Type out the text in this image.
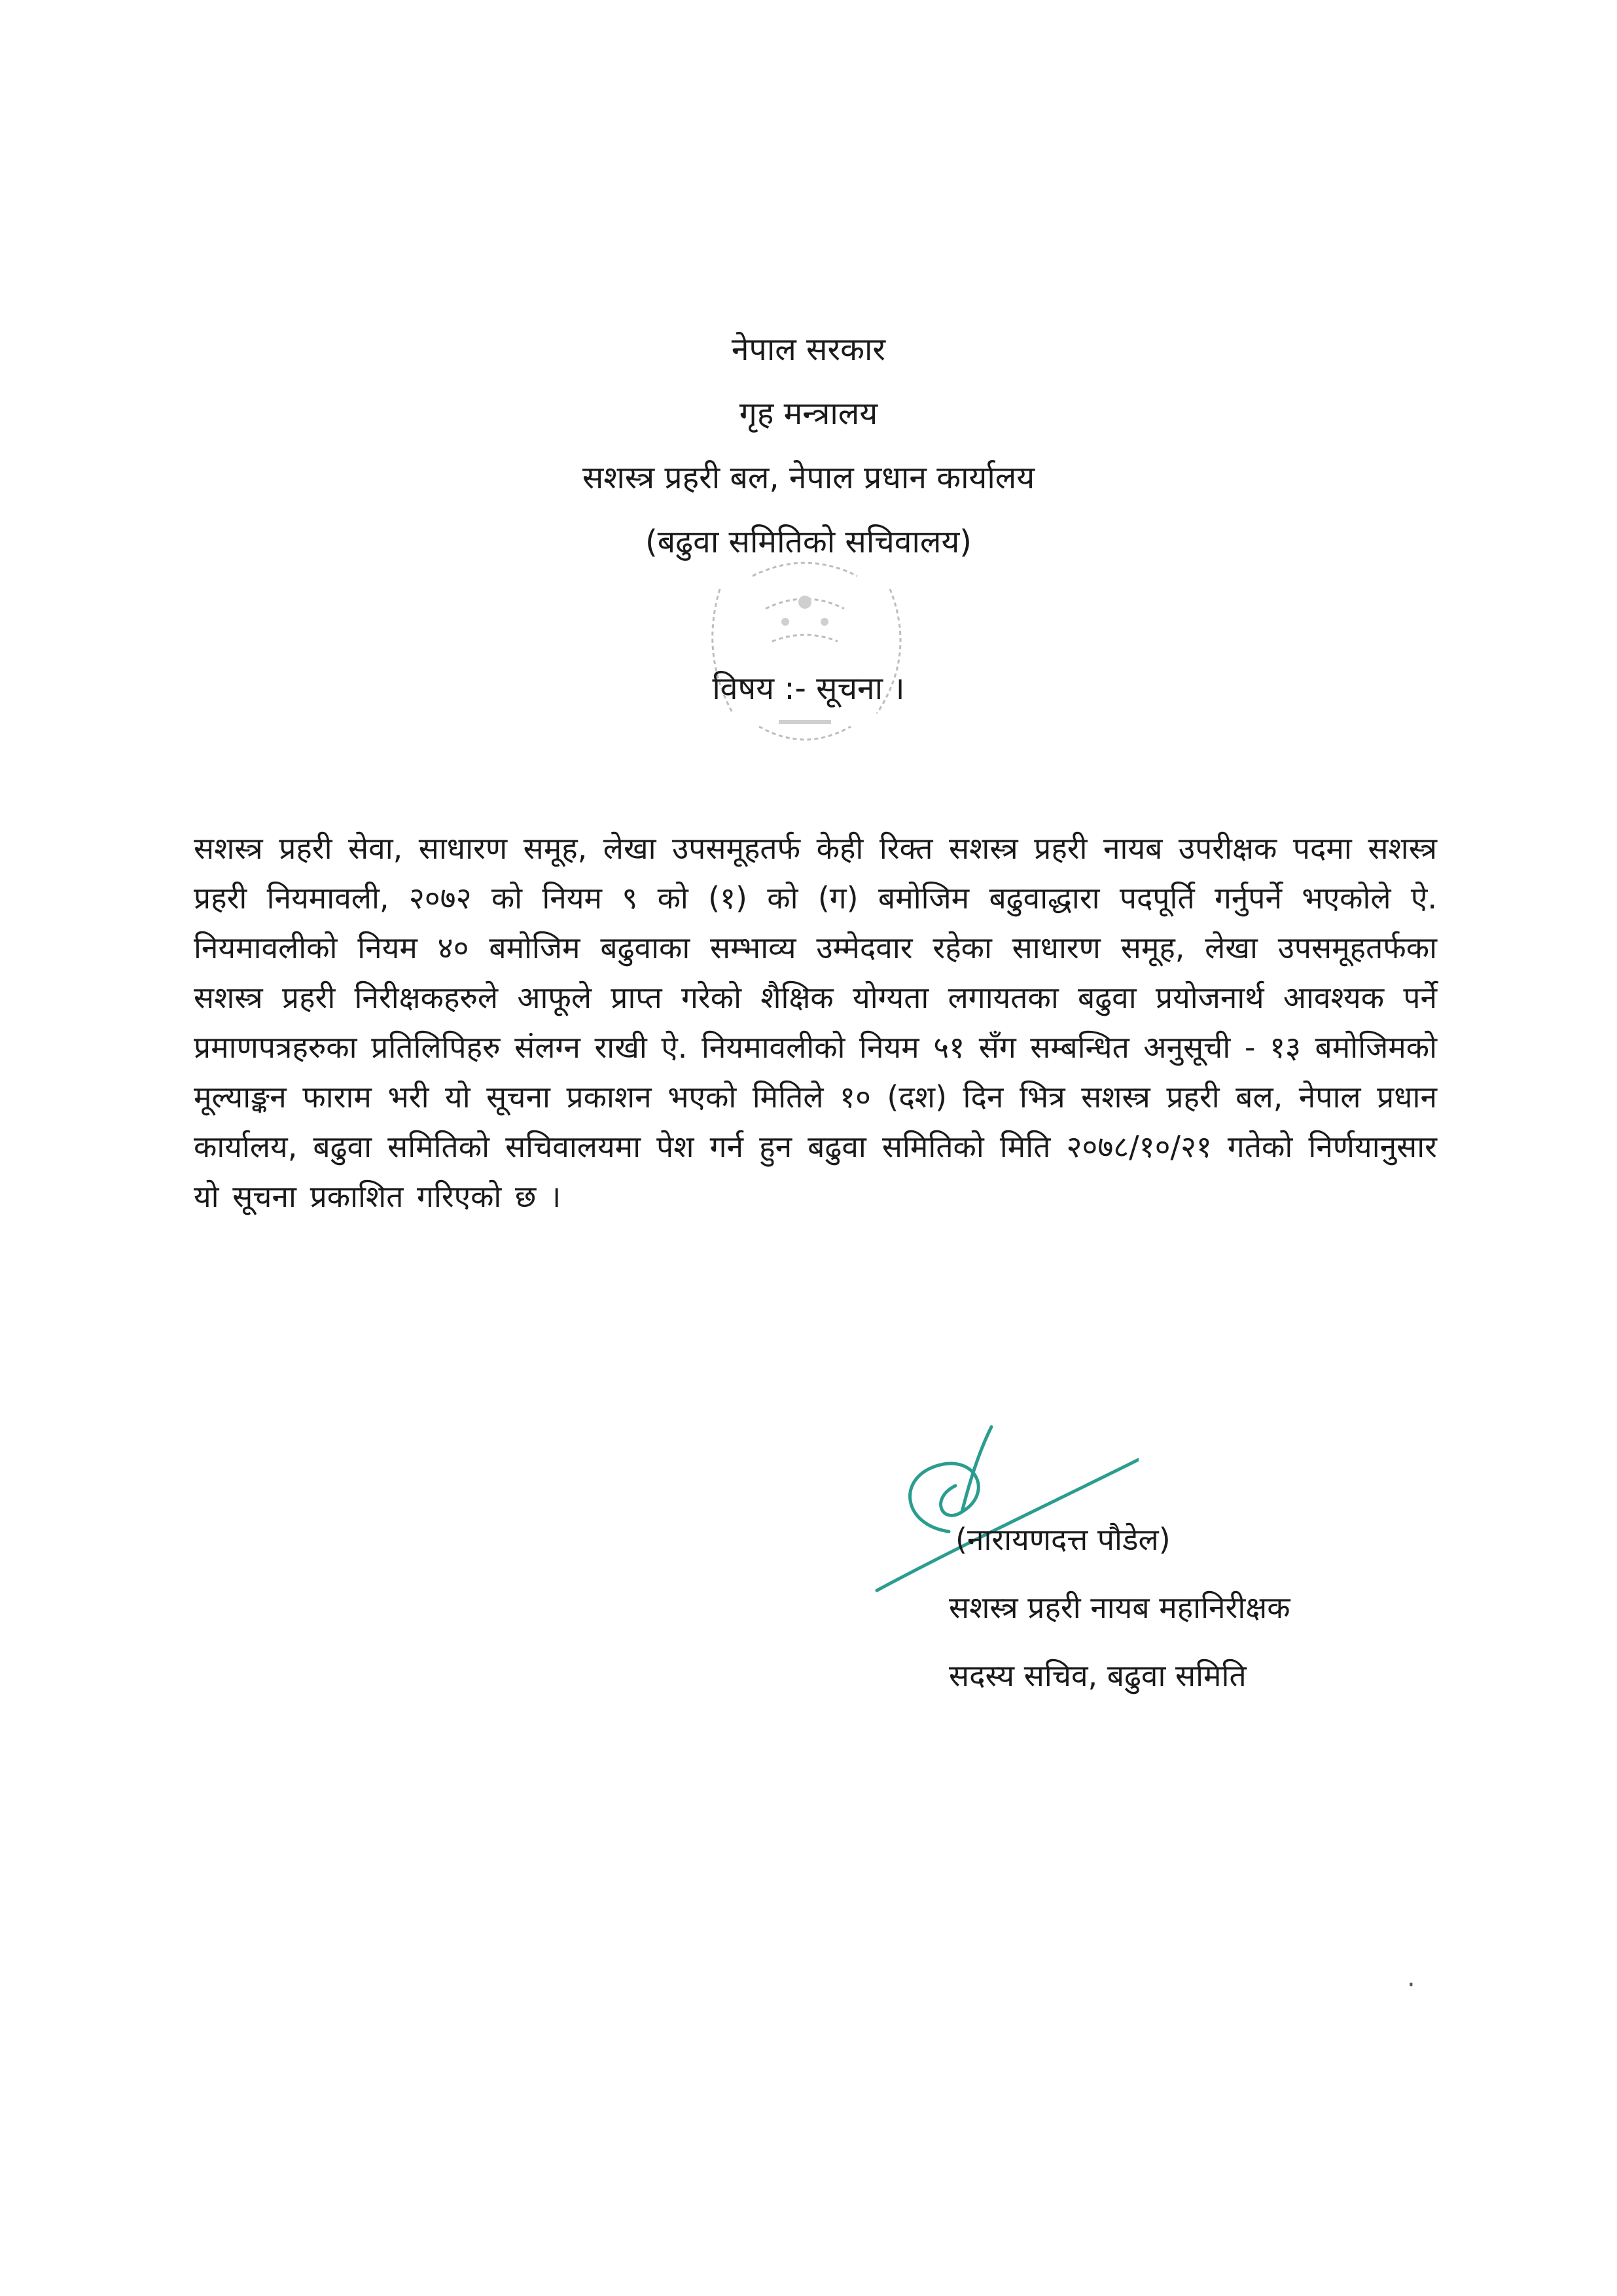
नेपाल सरकार
गृह मन्त्रालय
सशस्त्र प्रहरी बल, नेपाल प्रधान कार्यालय
(बढुवा समितिको सचिवालय)
विषय :- सूचना ।
सशस्त्र प्रहरी सेवा, साधारण समूह, लेखा उपसमूहतर्फ केही रिक्त सशस्त्र प्रहरी नायब उपरीक्षक पदमा सशस्त्र प्रहरी नियमावली, २०७२ को नियम ९ को (१) को (ग) बमोजिम बढुवाद्धारा पदपूर्ति गर्नुपर्ने भएकोले ऐ. नियमावलीको नियम ४० बमोजिम बढुवाका सम्भाव्य उम्मेदवार रहेका साधारण समूह, लेखा उपसमूहतर्फका सशस्त्र प्रहरी निरीक्षकहरुले आफूले प्राप्त गरेको शैक्षिक योग्यता लगायतका बढुवा प्रयोजनार्थ आवश्यक पर्ने प्रमाणपत्रहरुका प्रतिलिपिहरु संलग्न राखी ऐ. नियमावलीको नियम ५१ सँग सम्बन्धित अनुसूची - १३ बमोजिमको मूल्याङ्कन फाराम भरी यो सूचना प्रकाशन भएको मितिले १० (दश) दिन भित्र सशस्त्र प्रहरी बल, नेपाल प्रधान कार्यालय, बढुवा समितिको सचिवालयमा पेश गर्न हुन बढुवा समितिको मिति २०७८/१०/२१ गतेको निर्णयानुसार यो सूचना प्रकाशित गरिएको छ ।
(नारायणदत्त पौडेल)
सशस्त्र प्रहरी नायब महानिरीक्षक
सदस्य सचिव, बढुवा समिति
·
